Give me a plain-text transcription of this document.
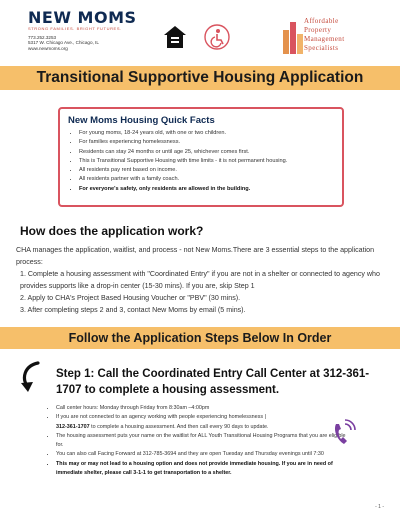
NEW MOMS
STRONG FAMILIES. BRIGHT FUTURES.
773.252.3253
5317 W. Chicago Ave., Chicago, IL
www.newmoms.org
Affordable
Property
Management
Specialists
Transitional Supportive Housing Application
New Moms Housing Quick Facts
• For young moms, 18-24 years old, with one or two children.
• For families experiencing homelessness.
• Residents can stay 24 months or until age 25, whichever comes first.
• This is Transitional Supportive Housing with time limits - it is not permanent housing.
• All residents pay rent based on income.
• All residents partner with a family coach.
• For everyone's safety, only residents are allowed in the building.
How does the application work?
CHA manages the application, waitlist, and process - not New Moms.There are 3 essential steps to the application process:
1. Complete a housing assessment with "Coordinated Entry" if you are not in a shelter or connected to agency who provides supports like a drop-in center (15-30 mins). If you are, skip Step 1
2. Apply to CHA's Project Based Housing Voucher or "PBV" (30 mins).
3. After completing steps 2 and 3, contact New Moms by email (5 mins).
Follow the Application Steps Below In Order
Step 1: Call the Coordinated Entry Call Center at 312-361-1707 to complete a housing assessment.
• Call center hours: Monday through Friday from 8:30am –4:00pm
• If you are not connected to an agency working with people experiencing homelessness |
312-361-1707 to complete a housing assessment. And then call every 90 days to update.
• The housing assessment puts your name on the waitlist for ALL Youth Transitional Housing Programs that you are eligible for.
• You can also call Facing Forward at 312-785-3694 and they are open Tuesday and Thursday evenings until 7:30
• This may or may not lead to a housing option and does not provide immediate housing. If you are in need of immediate shelter, please call 3-1-1 to get transportation to a shelter.
- 1 -
